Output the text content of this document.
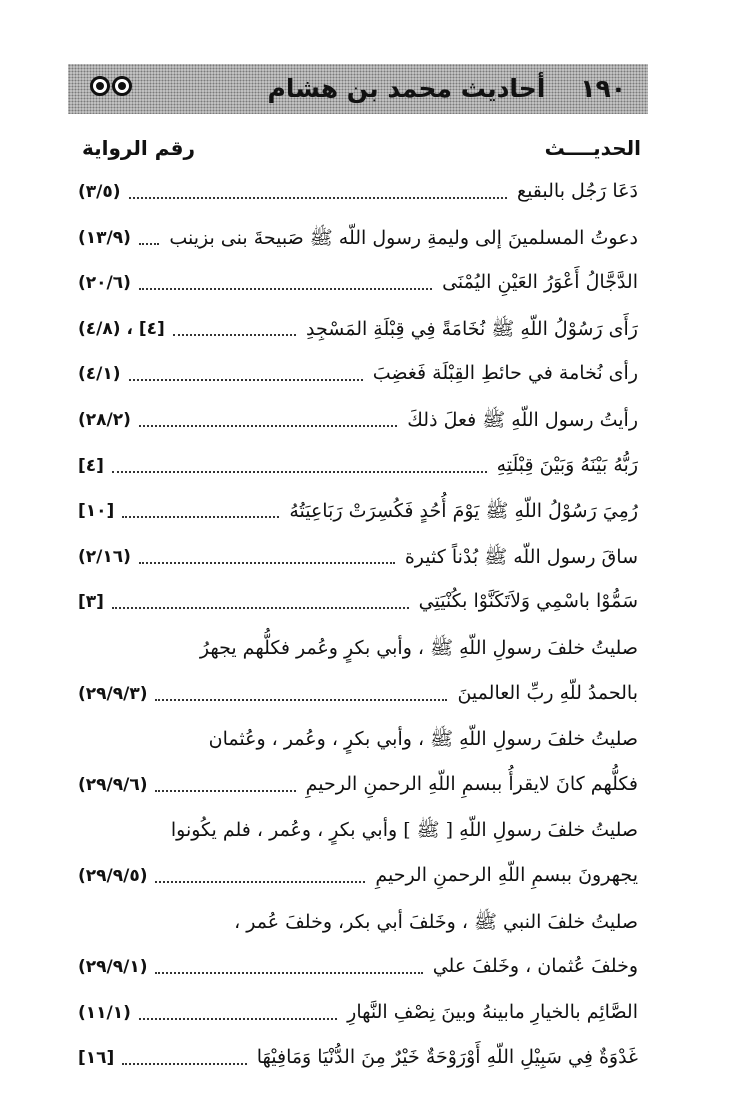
١٩٠    أحاديث محمد بن هشام
الحديــــث
رقم الرواية
دَعَا رَجُل بالبقيع
(٣/٥)
دعوتُ المسلمينَ إلى وليمةِ رسول اللّه ﷺ صَبيحةَ بنى بزينب
(١٣/٩)
الدَّجَّالُ أَعْوَرُ العَيْنِ اليُمْنَى
(٢٠/٦)
رَأَى رَسُوْلُ اللّهِ ﷺ نُخَامَةً فِي قِبْلَةِ المَسْجِدِ
(٤/٨) ، [٤]
رأى نُخامة في حائطِ القِبْلَة فَغضِبَ
(٤/١)
رأيتُ رسول اللّهِ ﷺ فعلَ ذلكَ
(٢٨/٢)
رَبُّهُ بَيْنَهُ وَبَيْنَ قِبْلَتِهِ
[٤]
رُمِيَ رَسُوْلُ اللّهِ ﷺ يَوْمَ أُحُدٍ فَكُسِرَتْ رَبَاعِيَتُهُ
[١٠]
ساقَ رسول اللّه ﷺ بُدْناً كثيرة
(٢/١٦)
سَمُّوْا باسْمِي وَلاَتَكَنَّوْا بكُنْيَتِي
[٣]
صليتُ خلفَ رسولِ اللّهِ ﷺ ، وأبي بكرٍ وعُمر فكلُّهم يجهرُ
بالحمدُ للّهِ ربِّ العالمينَ
(٢٩/٩/٣)
صليتُ خلفَ رسولِ اللّهِ ﷺ ، وأبي بكرٍ ، وعُمر ، وعُثمان
فكلُّهم كانَ لايقرأُ ببسمِ اللّهِ الرحمنِ الرحيمِ
(٢٩/٩/٦)
صليتُ خلفَ رسولِ اللّهِ [ ﷺ ] وأبي بكرٍ ، وعُمر ، فلم يكُونوا
يجهرونَ ببسمِ اللّهِ الرحمنِ الرحيمِ
(٢٩/٩/٥)
صليتُ خلفَ النبي ﷺ ، وخَلفَ أبي بكر، وخلفَ عُمر ،
وخلفَ عُثمان ، وخَلفَ علي
(٢٩/٩/١)
الصَّائِم بالخيارِ مابينهُ وبينَ نِصْفِ النَّهارِ
(١١/١)
غَدْوَةٌ فِي سَبِيْلِ اللّهِ أَوْرَوْحَةٌ خَيْرٌ مِنَ الدُّنْيَا وَمَافِيْهَا
[١٦]
